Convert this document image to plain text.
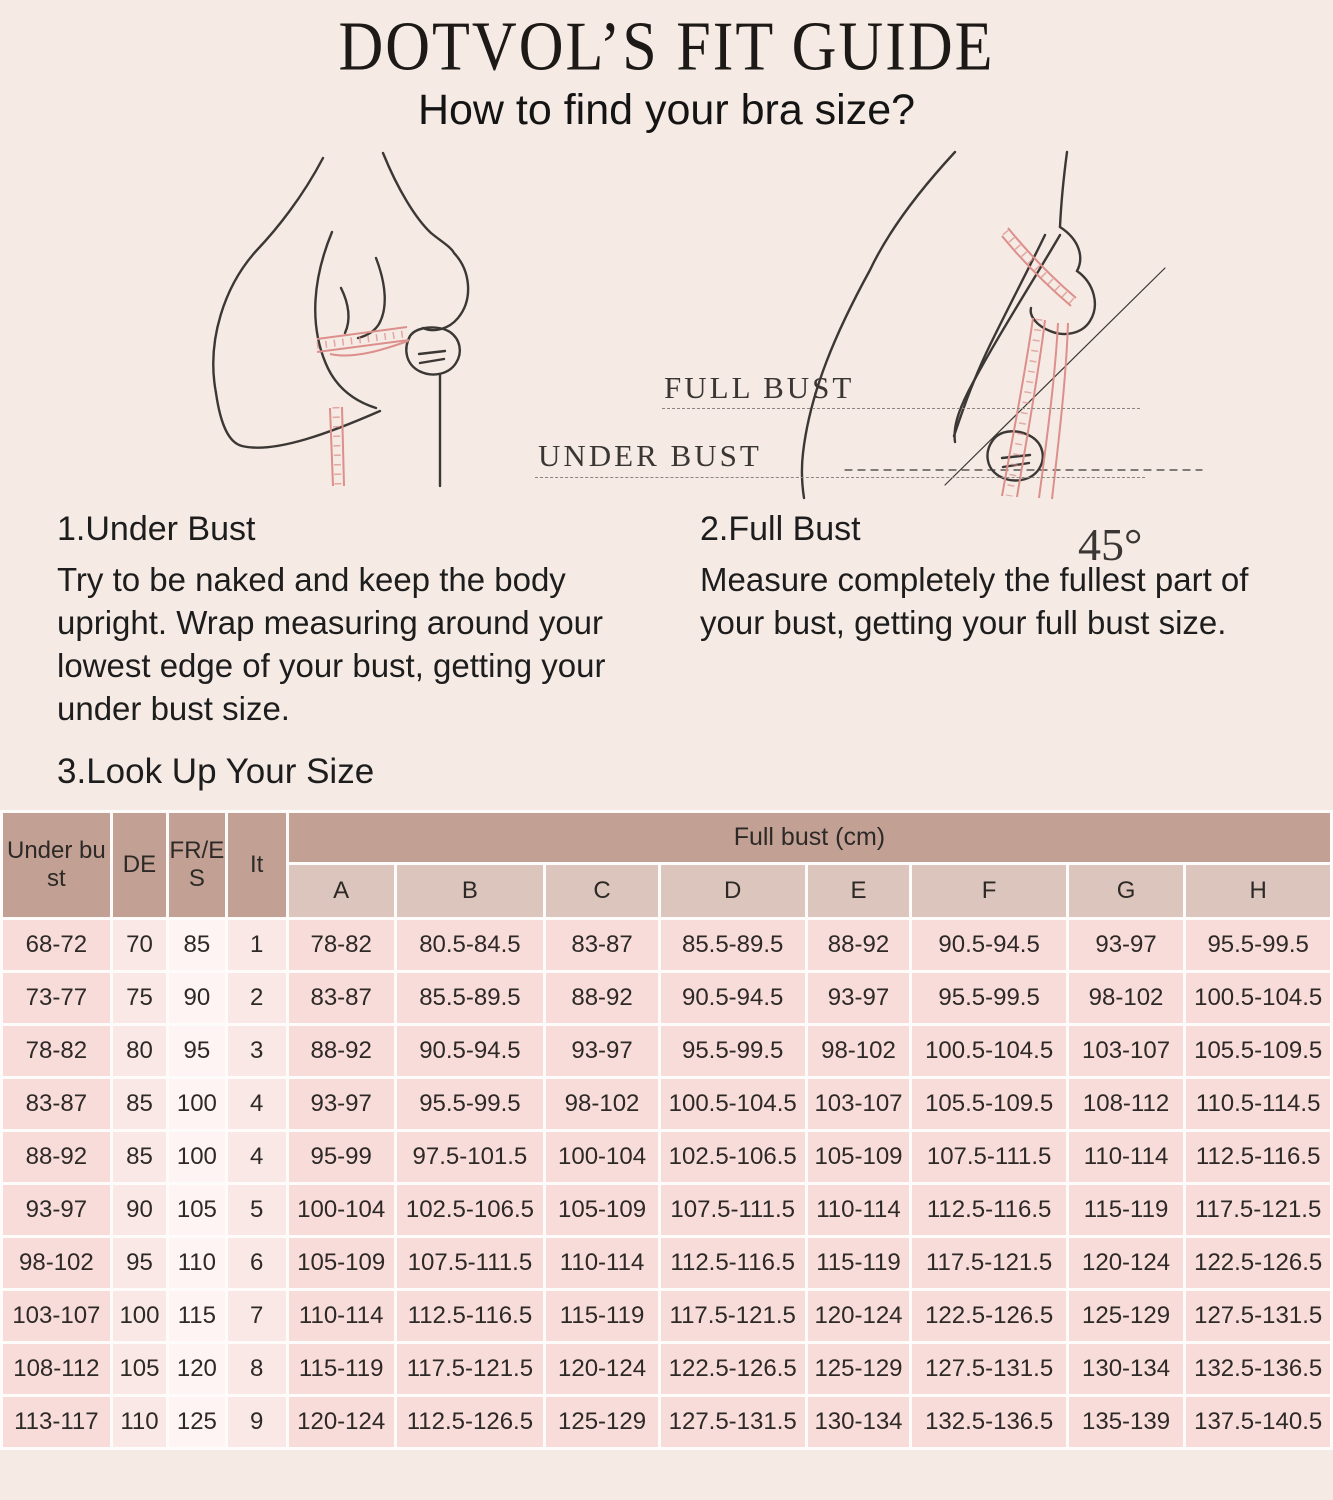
DOTVOL’S FIT GUIDE
How to find your bra size?
FULL BUST
UNDER BUST
45°
1.Under Bust

Try to be naked and keep the body upright. Wrap measuring around your lowest edge of your bust, getting your under bust size.

2.Full Bust

Measure completely the fullest part of your bust, getting your full bust size.

3.Look Up Your Size
Under bust	DE	FR/ES	It	Full bust (cm)							
				A	B	C	D	E	F	G	H
68-72	70	85	1	78-82	80.5-84.5	83-87	85.5-89.5	88-92	90.5-94.5	93-97	95.5-99.5
73-77	75	90	2	83-87	85.5-89.5	88-92	90.5-94.5	93-97	95.5-99.5	98-102	100.5-104.5
78-82	80	95	3	88-92	90.5-94.5	93-97	95.5-99.5	98-102	100.5-104.5	103-107	105.5-109.5
83-87	85	100	4	93-97	95.5-99.5	98-102	100.5-104.5	103-107	105.5-109.5	108-112	110.5-114.5
88-92	85	100	4	95-99	97.5-101.5	100-104	102.5-106.5	105-109	107.5-111.5	110-114	112.5-116.5
93-97	90	105	5	100-104	102.5-106.5	105-109	107.5-111.5	110-114	112.5-116.5	115-119	117.5-121.5
98-102	95	110	6	105-109	107.5-111.5	110-114	112.5-116.5	115-119	117.5-121.5	120-124	122.5-126.5
103-107	100	115	7	110-114	112.5-116.5	115-119	117.5-121.5	120-124	122.5-126.5	125-129	127.5-131.5
108-112	105	120	8	115-119	117.5-121.5	120-124	122.5-126.5	125-129	127.5-131.5	130-134	132.5-136.5
113-117	110	125	9	120-124	112.5-126.5	125-129	127.5-131.5	130-134	132.5-136.5	135-139	137.5-140.5
